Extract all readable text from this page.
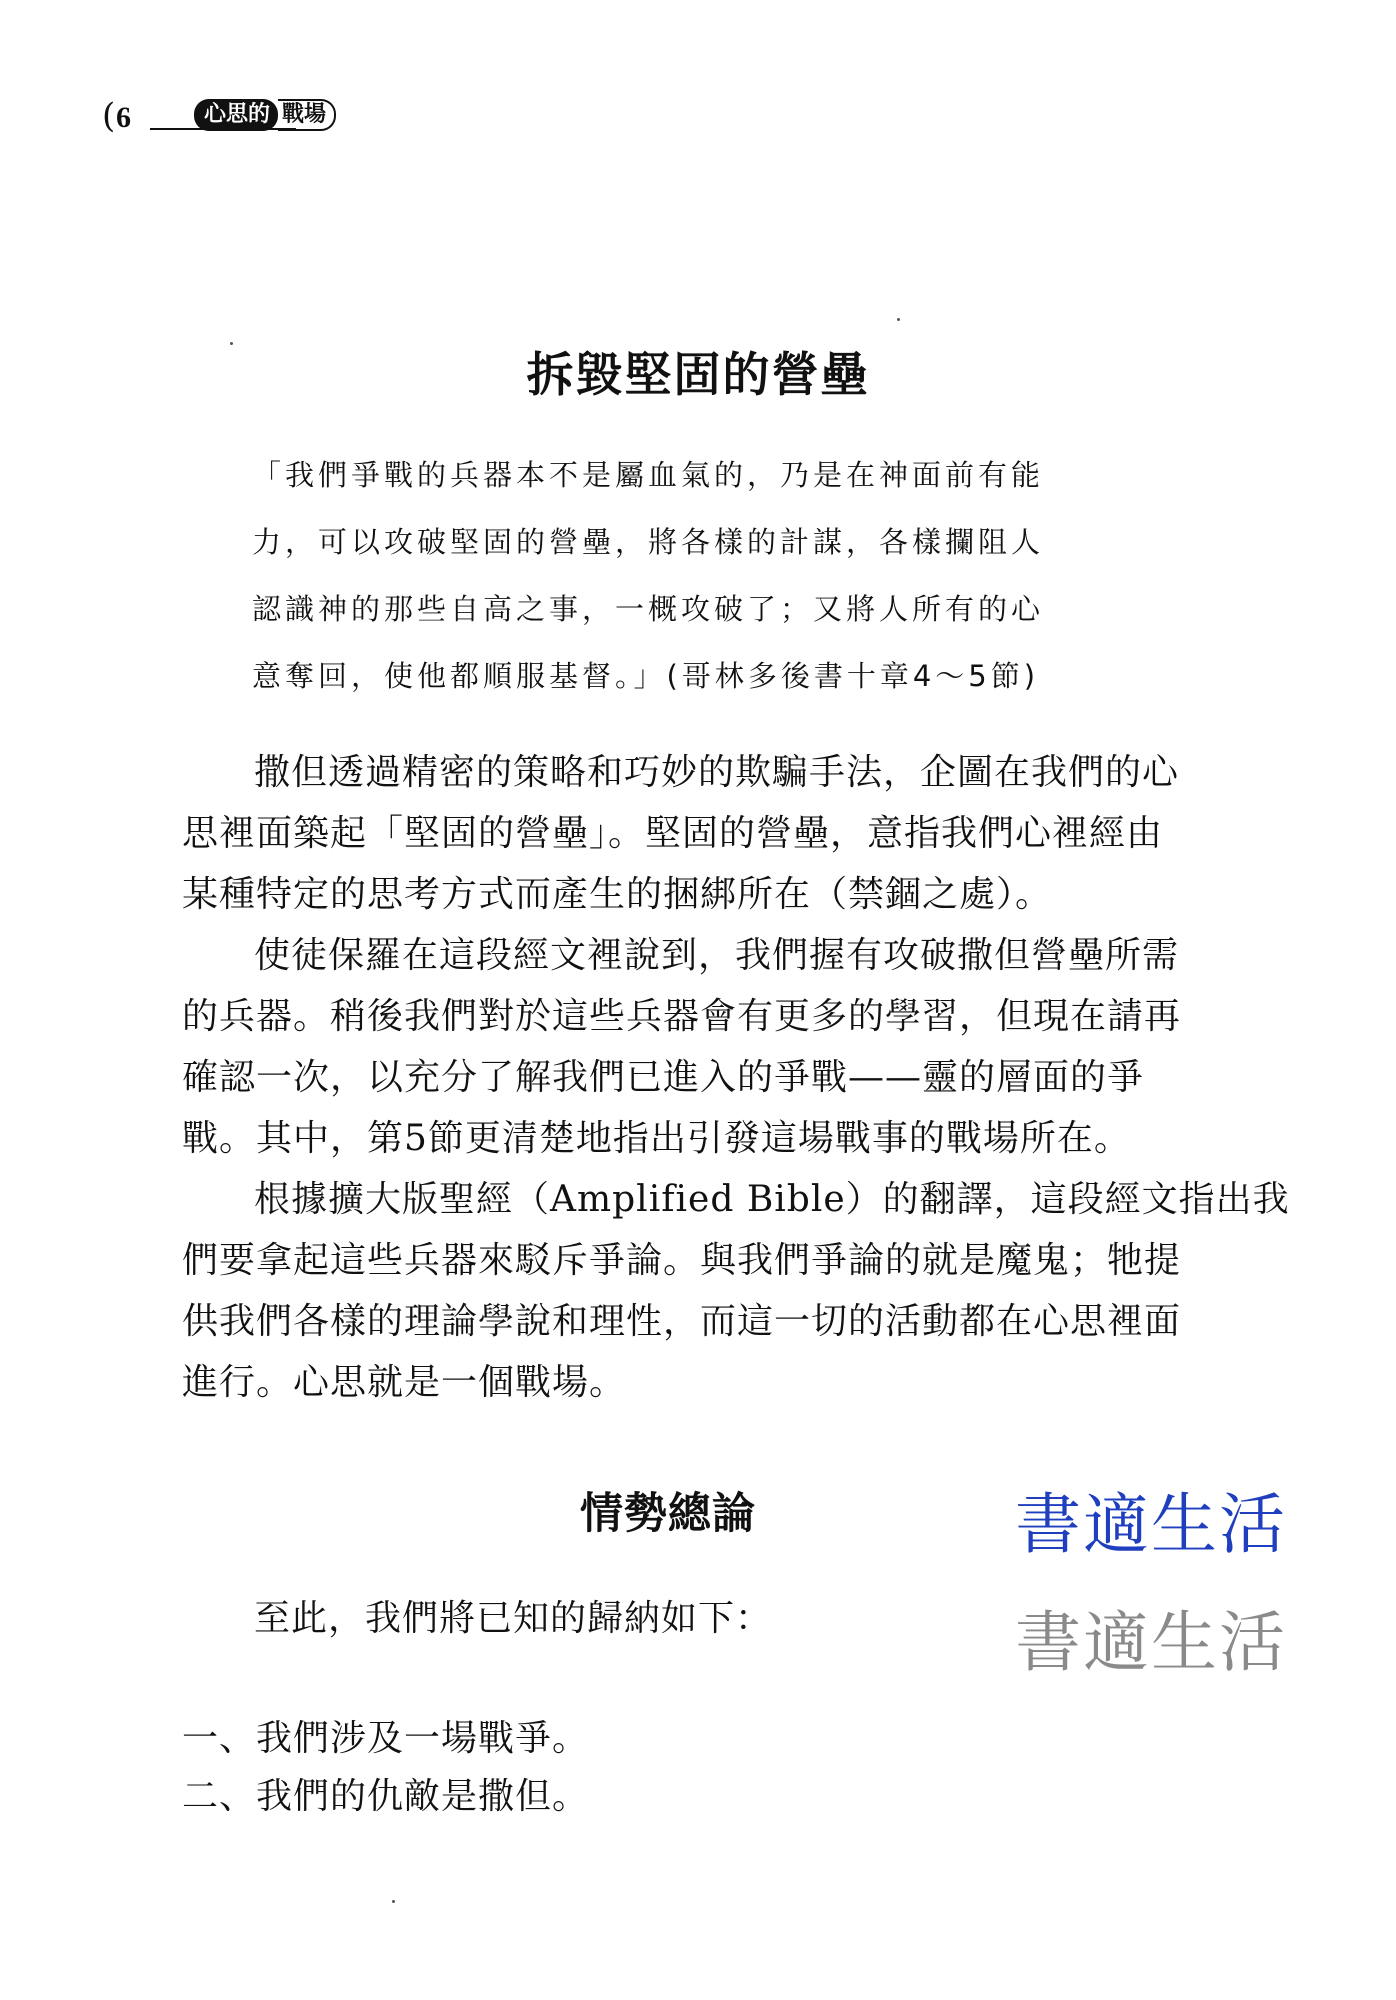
( 6	心思的 戰場
拆毀堅固的營壘
「我們爭戰的兵器本不是屬血氣的，乃是在神面前有能
力，可以攻破堅固的營壘，將各樣的計謀，各樣攔阻人
認識神的那些自高之事，一概攻破了；又將人所有的心
意奪回，使他都順服基督。」(哥林多後書十章4～5節)
撒但透過精密的策略和巧妙的欺騙手法，企圖在我們的心
思裡面築起「堅固的營壘」。堅固的營壘，意指我們心裡經由
某種特定的思考方式而產生的捆綁所在（禁錮之處）。
使徒保羅在這段經文裡說到，我們握有攻破撒但營壘所需
的兵器。稍後我們對於這些兵器會有更多的學習，但現在請再
確認一次，以充分了解我們已進入的爭戰——靈的層面的爭
戰。其中，第5節更清楚地指出引發這場戰事的戰場所在。
根據擴大版聖經（Amplified Bible）的翻譯，這段經文指出我
們要拿起這些兵器來駁斥爭論。與我們爭論的就是魔鬼；牠提
供我們各樣的理論學說和理性，而這一切的活動都在心思裡面
進行。心思就是一個戰場。
情勢總論
至此，我們將已知的歸納如下：
一、我們涉及一場戰爭。
二、我們的仇敵是撒但。
書適生活
書適生活
